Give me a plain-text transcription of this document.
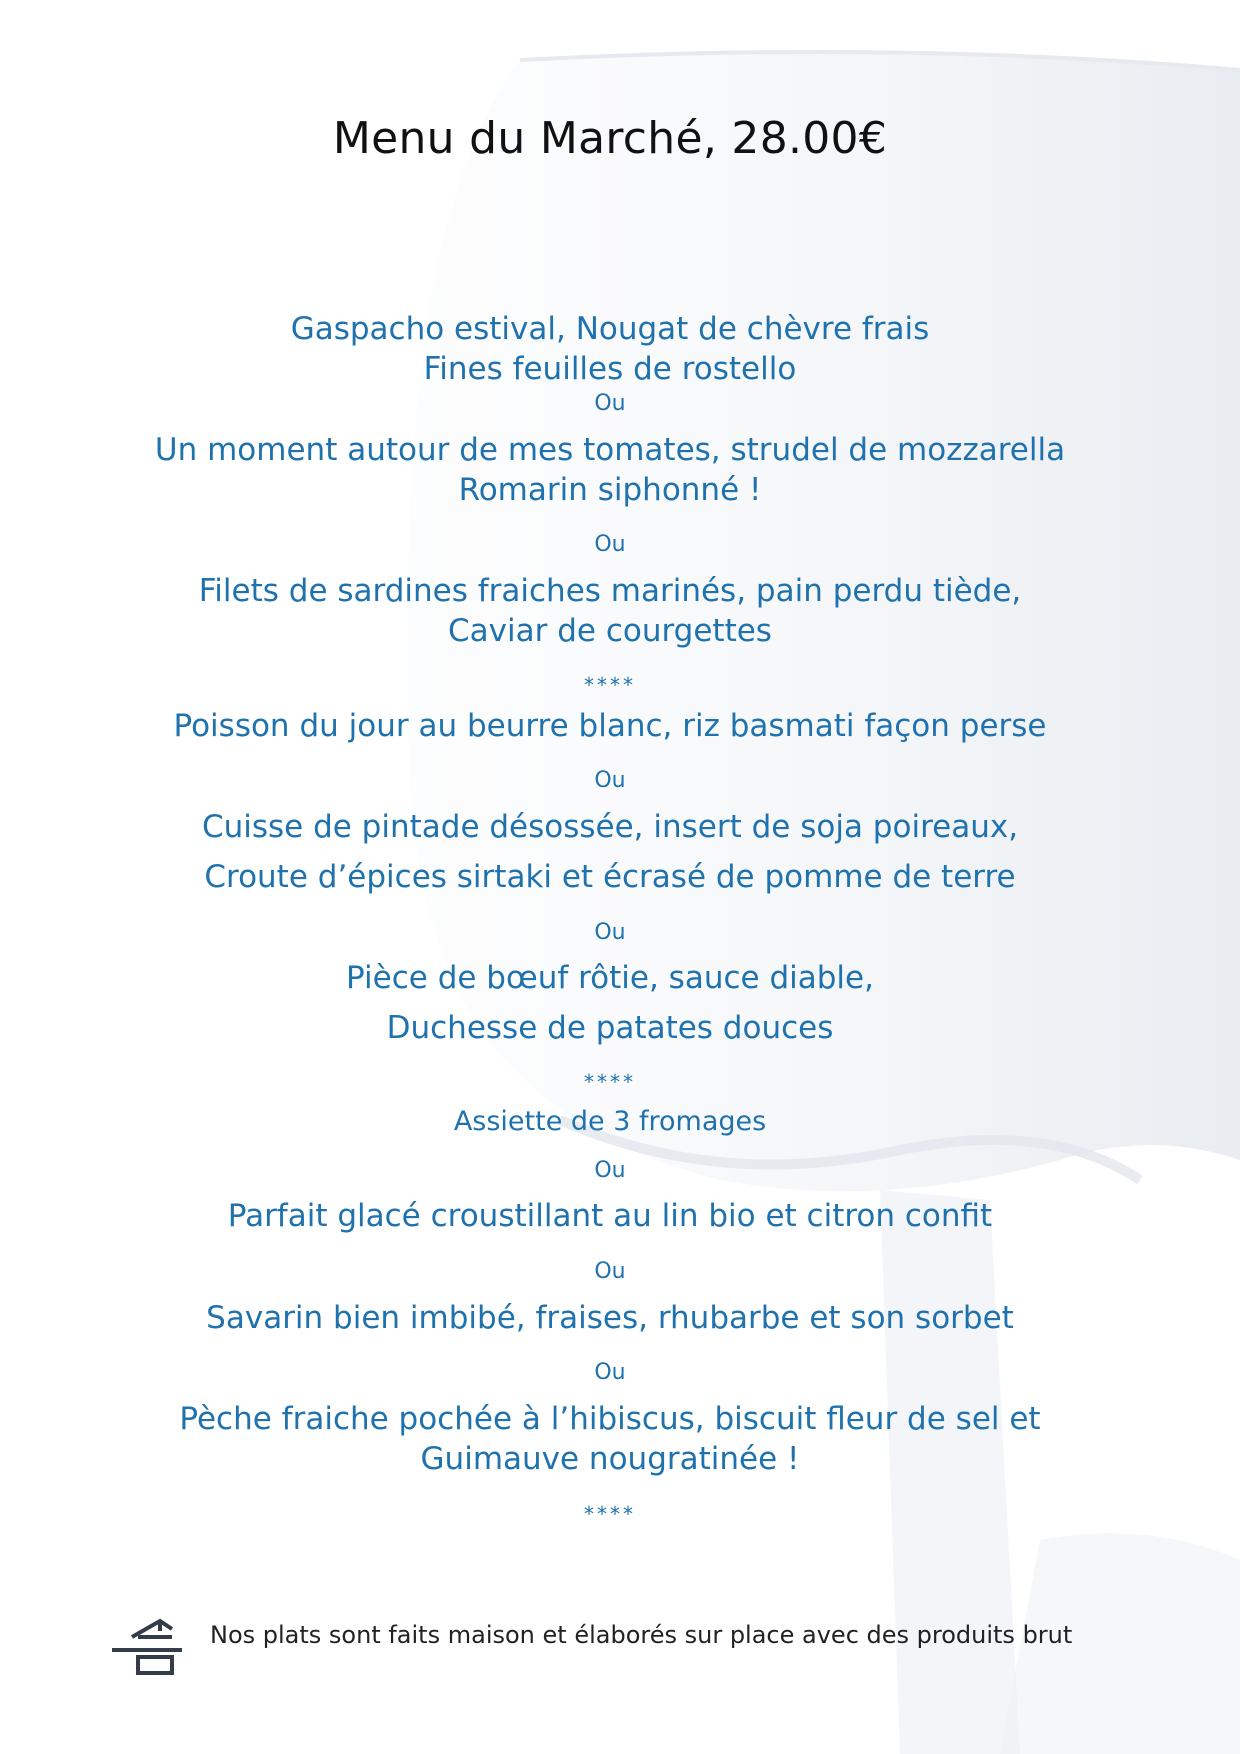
Menu du Marché, 28.00€
Gaspacho estival, Nougat de chèvre frais
Fines feuilles de rostello
Ou
Un moment autour de mes tomates, strudel de mozzarella
Romarin siphonné !
Ou
Filets de sardines fraiches marinés, pain perdu tiède,
Caviar de courgettes
****
Poisson du jour au beurre blanc, riz basmati façon perse
Ou
Cuisse de pintade désossée, insert de soja poireaux,
Croute d’épices sirtaki et écrasé de pomme de terre
Ou
Pièce de bœuf rôtie, sauce diable,
Duchesse de patates douces
****
Assiette de 3 fromages
Ou
Parfait glacé croustillant au lin bio et citron confit
Ou
Savarin bien imbibé, fraises, rhubarbe et son sorbet
Ou
Pèche fraiche pochée à l’hibiscus, biscuit fleur de sel et
Guimauve nougratinée !
****
Nos plats sont faits maison et élaborés sur place avec des produits brut
